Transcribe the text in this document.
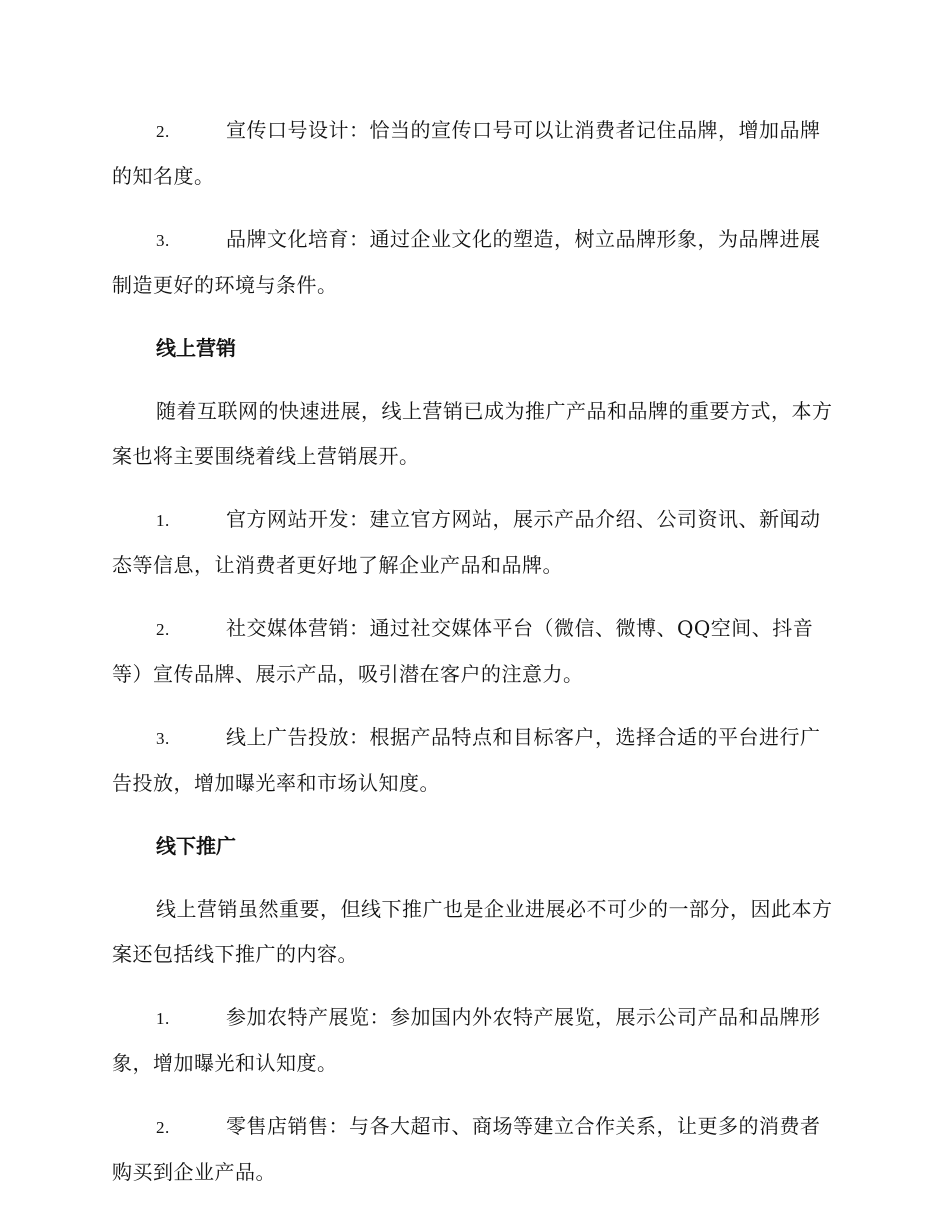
2.	宣传口号设计：恰当的宣传口号可以让消费者记住品牌，增加品牌的知名度。

3.	品牌文化培育：通过企业文化的塑造，树立品牌形象，为品牌进展制造更好的环境与条件。

线上营销

随着互联网的快速进展，线上营销已成为推广产品和品牌的重要方式，本方案也将主要围绕着线上营销展开。

1.	官方网站开发：建立官方网站，展示产品介绍、公司资讯、新闻动态等信息，让消费者更好地了解企业产品和品牌。

2.	社交媒体营销：通过社交媒体平台（微信、微博、QQ空间、抖音等）宣传品牌、展示产品，吸引潜在客户的注意力。

3.	线上广告投放：根据产品特点和目标客户，选择合适的平台进行广告投放，增加曝光率和市场认知度。

线下推广

线上营销虽然重要，但线下推广也是企业进展必不可少的一部分，因此本方案还包括线下推广的内容。

1.	参加农特产展览：参加国内外农特产展览，展示公司产品和品牌形象，增加曝光和认知度。

2.	零售店销售：与各大超市、商场等建立合作关系，让更多的消费者购买到企业产品。
